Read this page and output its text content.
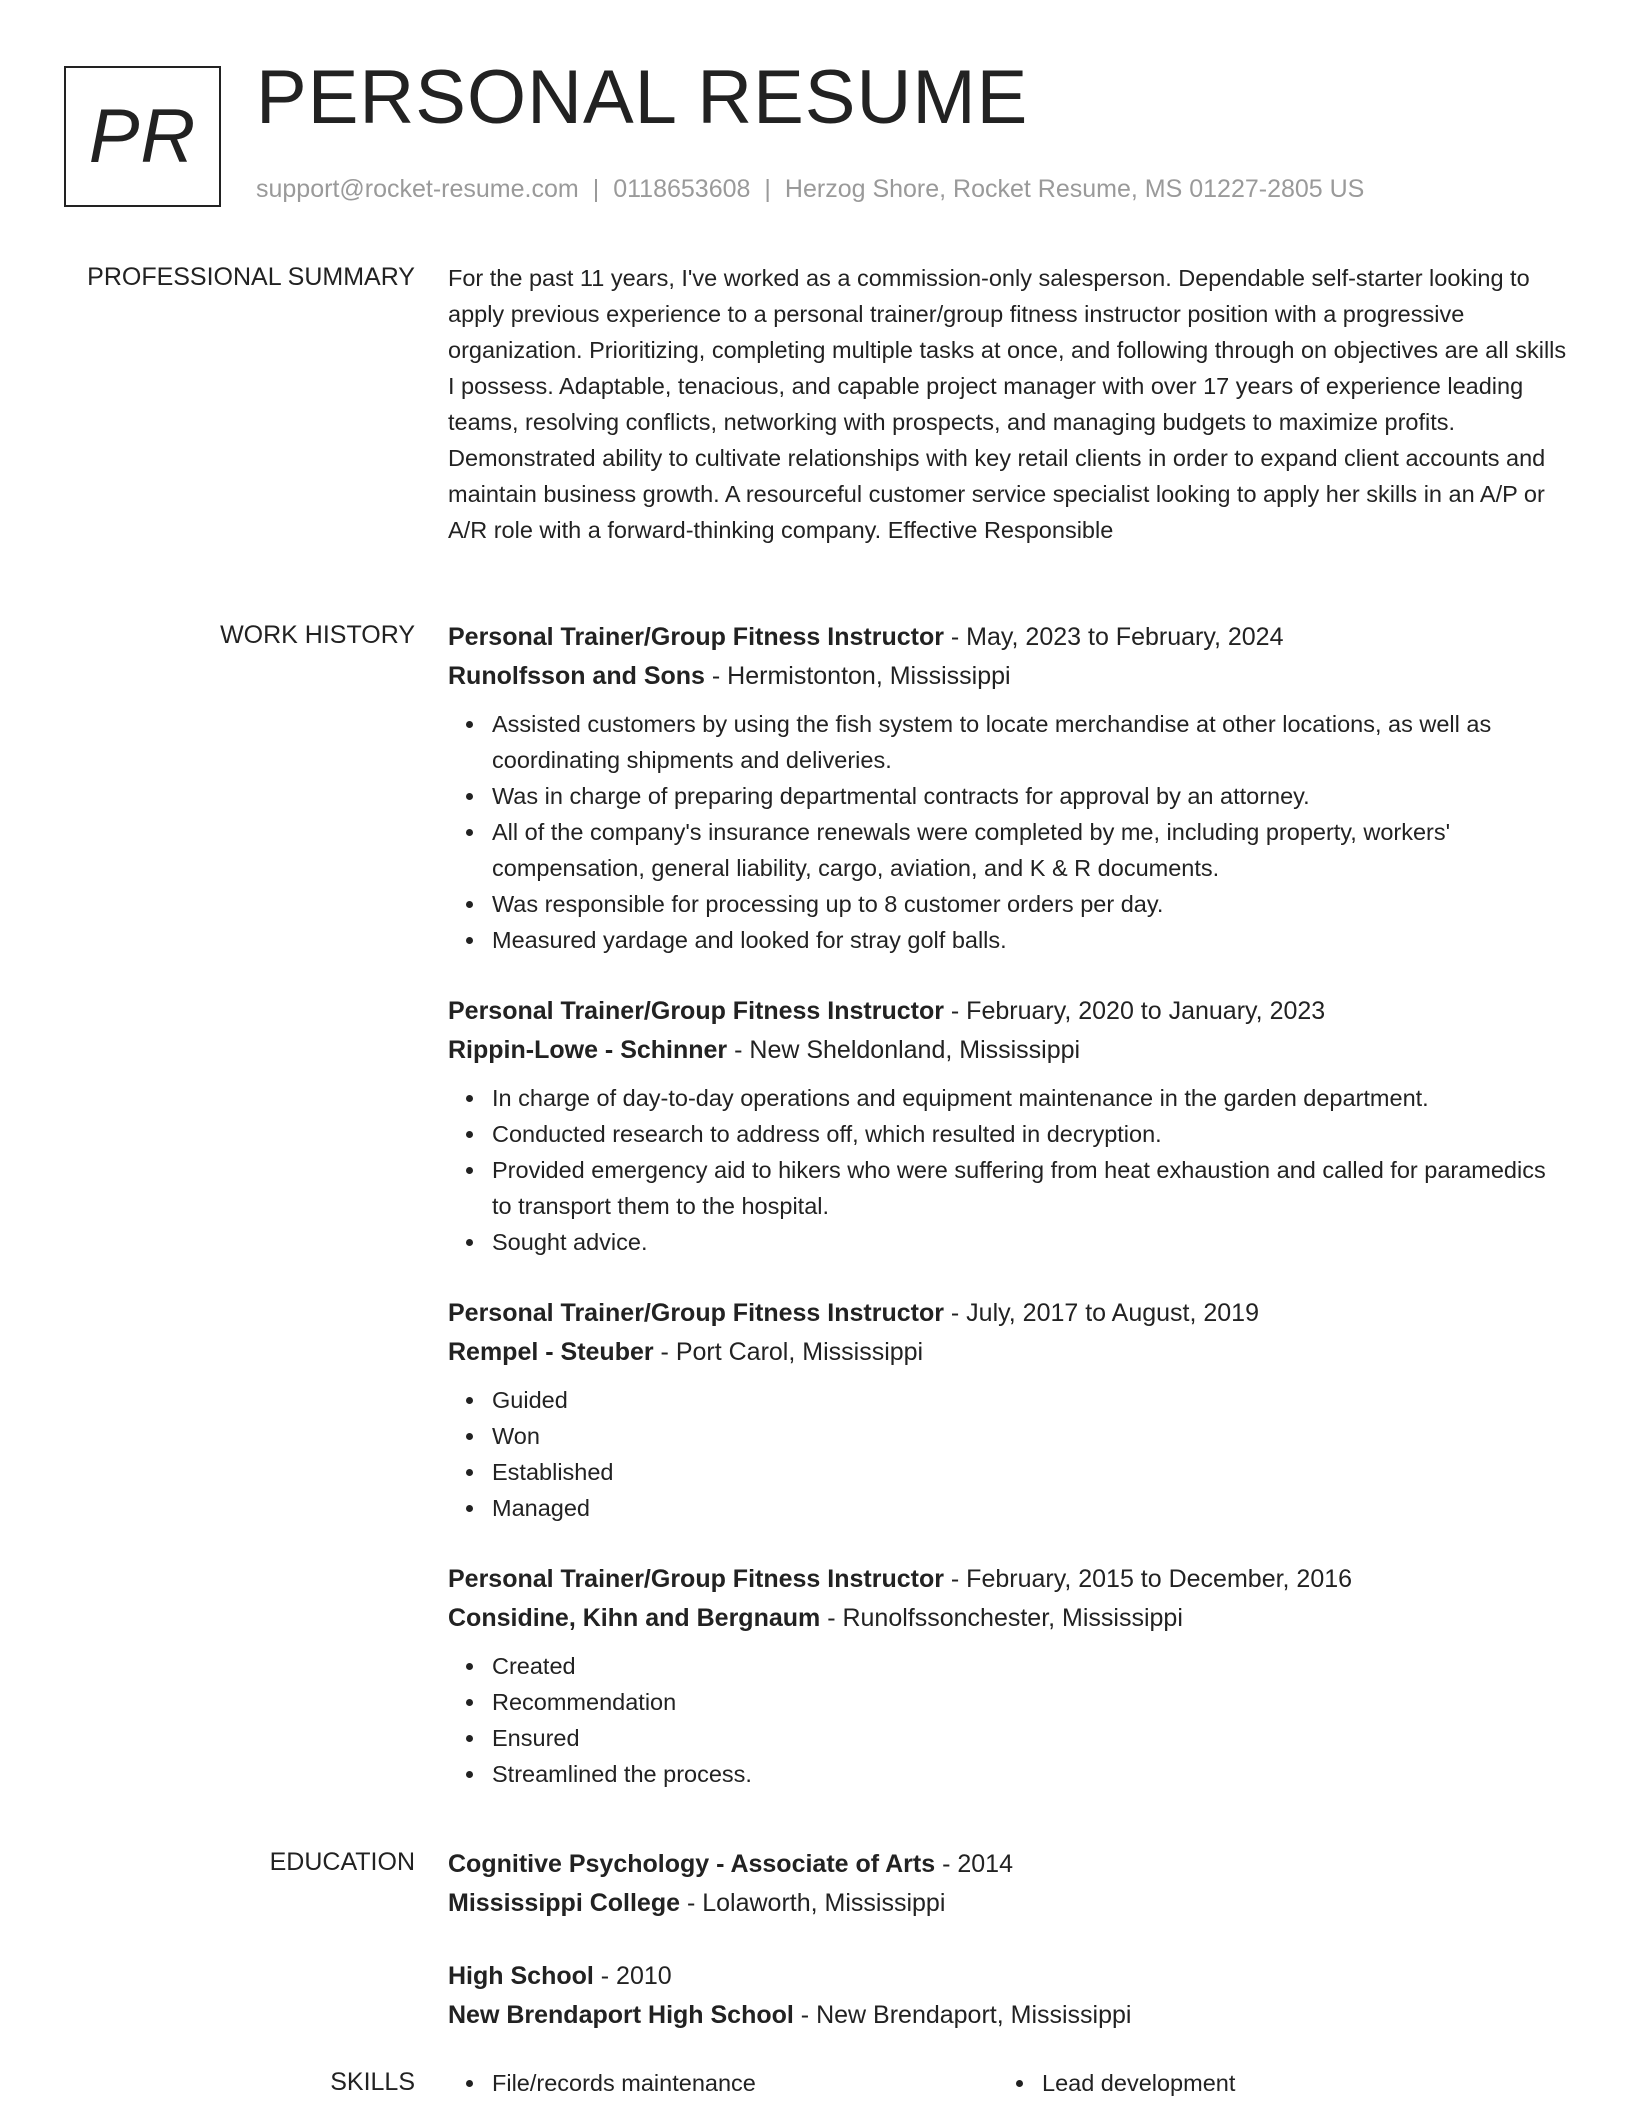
PR PERSONAL RESUME
support@rocket-resume.com | 0118653608 | Herzog Shore, Rocket Resume, MS 01227-2805 US
PROFESSIONAL SUMMARY For the past 11 years, I've worked as a commission-only salesperson. Dependable self-starter looking to apply previous experience to a personal trainer/group fitness instructor position with a progressive organization. Prioritizing, completing multiple tasks at once, and following through on objectives are all skills I possess. Adaptable, tenacious, and capable project manager with over 17 years of experience leading teams, resolving conflicts, networking with prospects, and managing budgets to maximize profits. Demonstrated ability to cultivate relationships with key retail clients in order to expand client accounts and maintain business growth. A resourceful customer service specialist looking to apply her skills in an A/P or A/R role with a forward-thinking company. Effective Responsible

WORK HISTORY Personal Trainer/Group Fitness Instructor - May, 2023 to February, 2024
Runolfsson and Sons - Hermistonton, Mississippi
Assisted customers by using the fish system to locate merchandise at other locations, as well as coordinating shipments and deliveries.
Was in charge of preparing departmental contracts for approval by an attorney.
All of the company's insurance renewals were completed by me, including property, workers' compensation, general liability, cargo, aviation, and K & R documents.
Was responsible for processing up to 8 customer orders per day.
Measured yardage and looked for stray golf balls.
Personal Trainer/Group Fitness Instructor - February, 2020 to January, 2023
Rippin-Lowe - Schinner - New Sheldonland, Mississippi
In charge of day-to-day operations and equipment maintenance in the garden department.
Conducted research to address off, which resulted in decryption.
Provided emergency aid to hikers who were suffering from heat exhaustion and called for paramedics to transport them to the hospital.
Sought advice.
Personal Trainer/Group Fitness Instructor - July, 2017 to August, 2019
Rempel - Steuber - Port Carol, Mississippi
Guided
Won
Established
Managed
Personal Trainer/Group Fitness Instructor - February, 2015 to December, 2016
Considine, Kihn and Bergnaum - Runolfssonchester, Mississippi
Created
Recommendation
Ensured
Streamlined the process.
EDUCATION Cognitive Psychology - Associate of Arts - 2014
Mississippi College - Lolaworth, Mississippi
High School - 2010
New Brendaport High School - New Brendaport, Mississippi
SKILLS	File/records maintenance	Lead development
